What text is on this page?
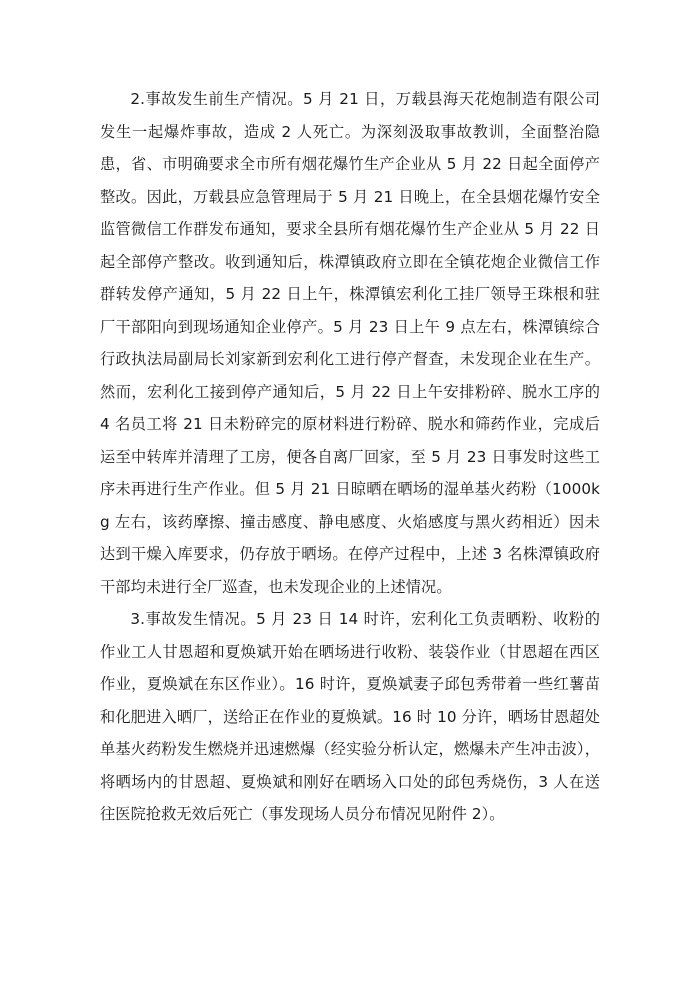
2.事故发生前生产情况。5 月 21 日，万载县海天花炮制造有限公司发生一起爆炸事故，造成 2 人死亡。为深刻汲取事故教训，全面整治隐患，省、市明确要求全市所有烟花爆竹生产企业从 5 月 22 日起全面停产整改。因此，万载县应急管理局于 5 月 21 日晚上，在全县烟花爆竹安全监管微信工作群发布通知，要求全县所有烟花爆竹生产企业从 5 月 22 日起全部停产整改。收到通知后，株潭镇政府立即在全镇花炮企业微信工作群转发停产通知，5 月 22 日上午，株潭镇宏利化工挂厂领导王珠根和驻厂干部阳向到现场通知企业停产。5 月 23 日上午 9 点左右，株潭镇综合行政执法局副局长刘家新到宏利化工进行停产督查，未发现企业在生产。然而，宏利化工接到停产通知后，5 月 22 日上午安排粉碎、脱水工序的 4 名员工将 21 日未粉碎完的原材料进行粉碎、脱水和筛药作业，完成后运至中转库并清理了工房，便各自离厂回家，至 5 月 23 日事发时这些工序未再进行生产作业。但 5 月 21 日晾晒在晒场的湿单基火药粉（1000kg 左右，该药摩擦、撞击感度、静电感度、火焰感度与黑火药相近）因未达到干燥入库要求，仍存放于晒场。在停产过程中，上述 3 名株潭镇政府干部均未进行全厂巡查，也未发现企业的上述情况。

3.事故发生情况。5 月 23 日 14 时许，宏利化工负责晒粉、收粉的作业工人甘恩超和夏焕斌开始在晒场进行收粉、装袋作业（甘恩超在西区作业，夏焕斌在东区作业）。16 时许，夏焕斌妻子邱包秀带着一些红薯苗和化肥进入晒厂，送给正在作业的夏焕斌。16 时 10 分许，晒场甘恩超处单基火药粉发生燃烧并迅速燃爆（经实验分析认定，燃爆未产生冲击波），将晒场内的甘恩超、夏焕斌和刚好在晒场入口处的邱包秀烧伤，3 人在送往医院抢救无效后死亡（事发现场人员分布情况见附件 2）。
